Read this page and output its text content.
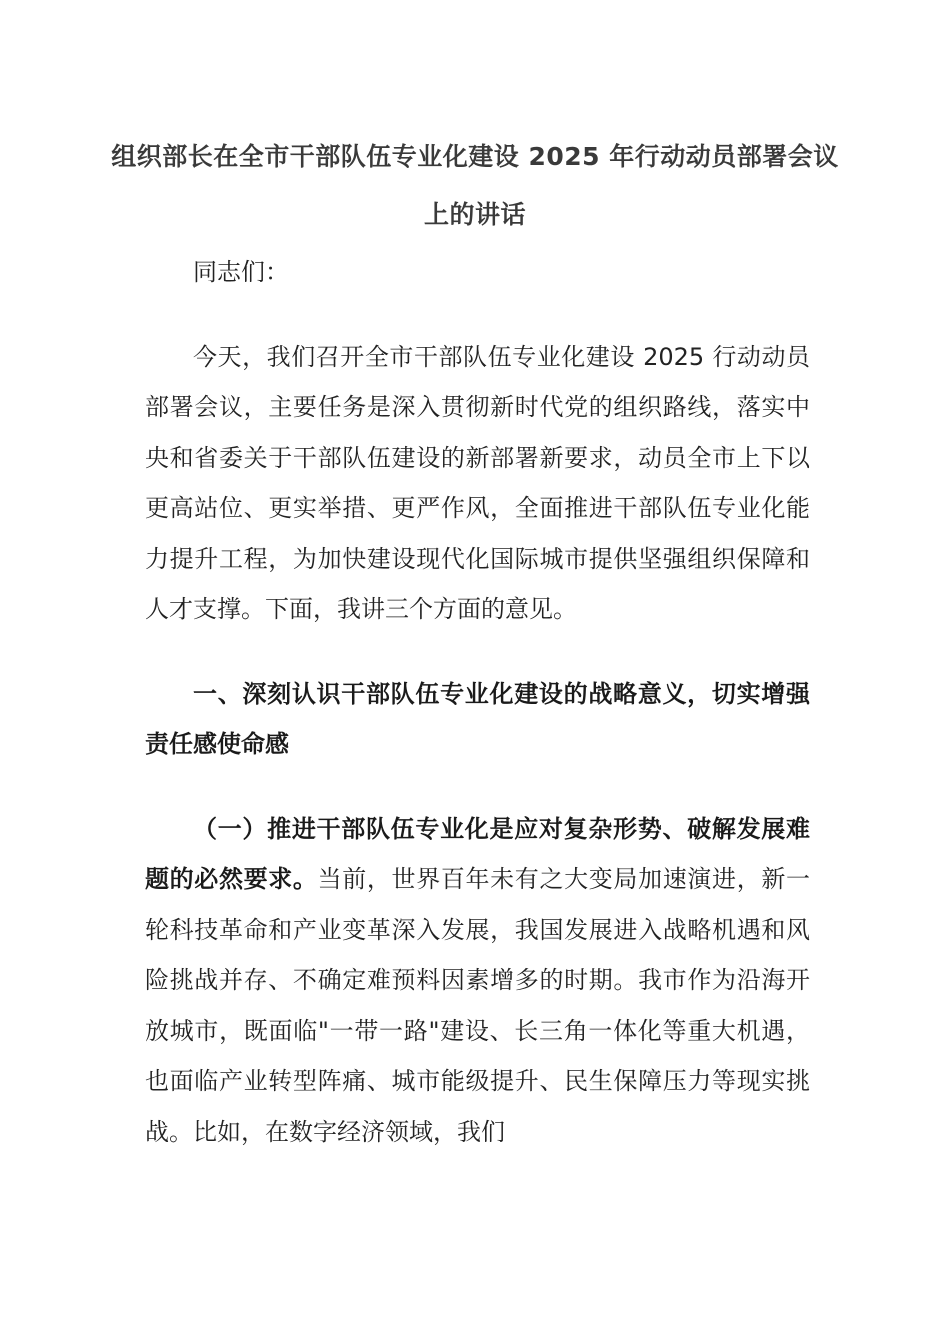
组织部长在全市干部队伍专业化建设 2025 年行动动员部署会议上的讲话

同志们：

今天，我们召开全市干部队伍专业化建设 2025 行动动员部署会议，主要任务是深入贯彻新时代党的组织路线，落实中央和省委关于干部队伍建设的新部署新要求，动员全市上下以更高站位、更实举措、更严作风，全面推进干部队伍专业化能力提升工程，为加快建设现代化国际城市提供坚强组织保障和人才支撑。下面，我讲三个方面的意见。

一、深刻认识干部队伍专业化建设的战略意义，切实增强责任感使命感

（一）推进干部队伍专业化是应对复杂形势、破解发展难题的必然要求。当前，世界百年未有之大变局加速演进，新一轮科技革命和产业变革深入发展，我国发展进入战略机遇和风险挑战并存、不确定难预料因素增多的时期。我市作为沿海开放城市，既面临"一带一路"建设、长三角一体化等重大机遇，也面临产业转型阵痛、城市能级提升、民生保障压力等现实挑战。比如，在数字经济领域，我们
